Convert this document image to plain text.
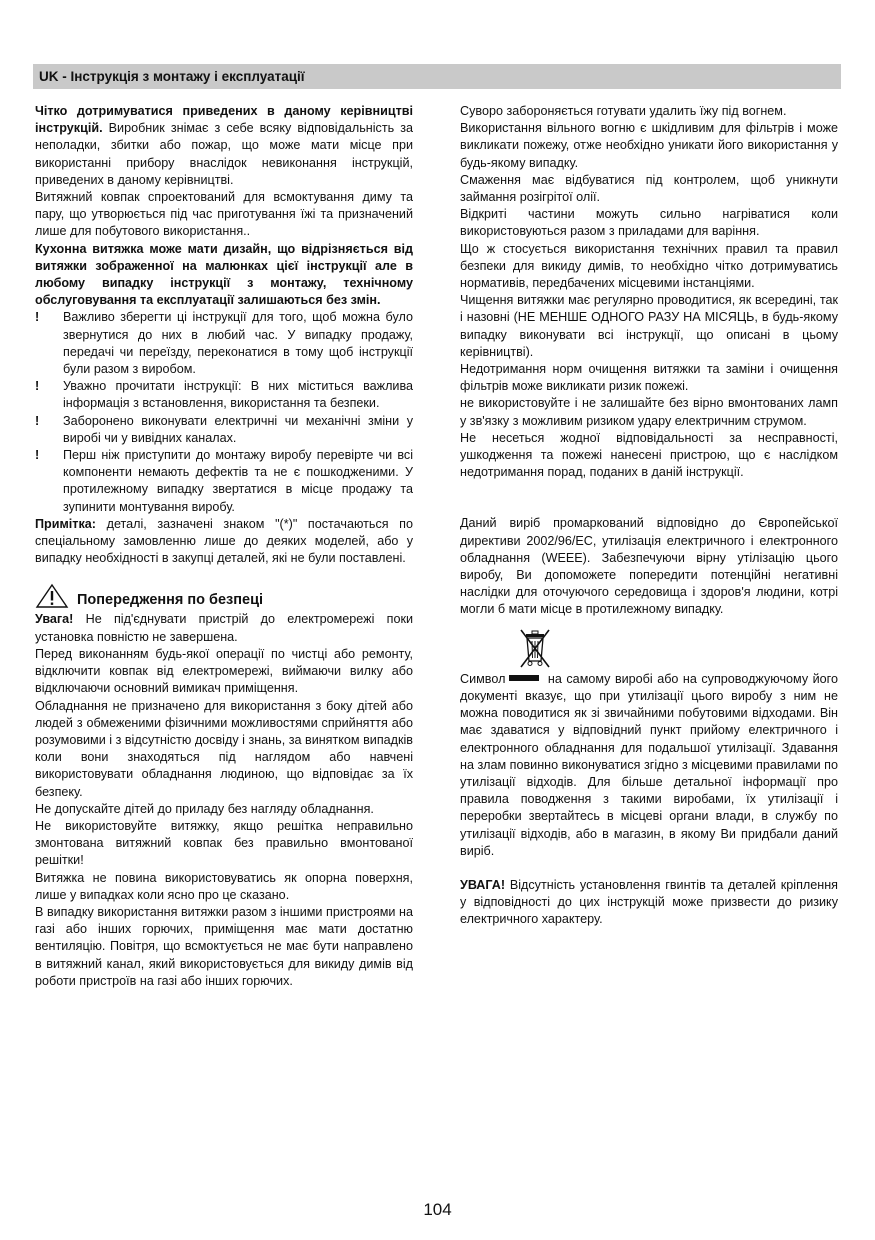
UK - Інструкція з монтажу і експлуатації

Чітко дотримуватися приведених в даному керівництві інструкцій. Виробник знімає з себе всяку відповідальність за неполадки, збитки або пожар, що може мати місце при використанні прибору внаслідок невиконання інструкцій, приведених в даному керівництві.

Витяжний ковпак спроектований для всмоктування диму та пару, що утворюється під час приготування їжі та призначений лише для побутового використання..

Кухонна витяжка може мати дизайн, що відрізняється від витяжки зображенної на малюнках цієї інструкції але в любому випадку інструкції з монтажу, технічному обслуговування та експлуатації залишаються без змін.

!	Важливо зберегти ці інструкції для того, щоб можна було звернутися до них в любий час. У випадку продажу, передачі чи переїзду, переконатися в тому щоб інструкції були разом з виробом.
!	Уважно прочитати інструкції: В них міститься важлива інформація з встановлення, використання та безпеки.
!	Заборонено виконувати електричні чи механічні зміни у виробі чи у вивідних каналах.
!	Перш ніж приступити до монтажу виробу перевірте чи всі компоненти немають дефектів та не є пошкодженими. У протилежному випадку звертатися в місце продажу та зупинити монтування виробу.

Примітка: деталі, зазначені знаком "(*)" постачаються по спеціальному замовленню лише до деяких моделей, або у випадку необхідності в закупці деталей, які не були поставлені.

Попередження по безпеці

Увага! Не під'єднувати пристрій до електромережі поки установка повністю не завершена.

Перед виконанням будь-якої операції по чистці або ремонту, відключити ковпак від електромережі, виймаючи вилку або відключаючи основний вимикач приміщення.

Обладнання не призначено для використання з боку дітей або людей з обмеженими фізичними можливостями сприйняття або розумовими і з відсутністю досвіду і знань, за винятком випадків коли вони знаходяться під наглядом або навчені використовувати обладнання людиною, що відповідає за їх безпеку.

Не допускайте дітей до приладу без нагляду обладнання.

Не використовуйте витяжку, якщо решітка неправильно змонтована витяжний ковпак без правильно вмонтованої решітки!

Витяжка не повина використовуватись як опорна поверхня, лише у випадках коли ясно про це сказано.

В випадку використання витяжки разом з іншими пристроями на газі або інших горючих, приміщення має мати достатню вентиляцію. Повітря, що всмоктується не має бути направлено в витяжний канал, який використовується для викиду димів від роботи пристроїв на газі або інших горючих.

Суворо забороняється готувати удалить їжу під вогнем.

Використання вільного вогню є шкідливим для фільтрів і може викликати пожежу, отже необхідно уникати його використання у будь-якому випадку.

Смаження має відбуватися під контролем, щоб уникнути займання розігрітої олії.

Відкриті частини можуть сильно нагріватися коли використовуються разом з приладами для варіння.

Що ж стосується використання технічних правил та правил безпеки для викиду димів, то необхідно чітко дотримуватись нормативів, передбачених місцевими інстанціями.

Чищення витяжки має регулярно проводитися, як всередині, так і назовні (НЕ МЕНШЕ ОДНОГО РАЗУ НА МІСЯЦЬ, в будь-якому випадку виконувати всі інструкції, що описані в цьому керівництві).

Недотримання норм очищення витяжки та заміни і очищення фільтрів може викликати ризик пожежі.

не використовуйте і не залишайте без вірно вмонтованих ламп у зв'язку з можливим ризиком удару електричним струмом.

Не несеться жодної відповідальності за несправності, ушкодження та пожежі нанесені пристрою, що є наслідком недотримання порад, поданих в даній інструкції.

Даний виріб промаркований відповідно до Європейської директиви 2002/96/EC, утилізація електричного і електронного обладнання (WEEE). Забезпечуючи вірну утілізацію цього виробу, Ви допоможете попередити потенційні негативні наслідки для оточуючого середовища і здоров'я людини, котрі могли б мати місце в протилежному випадку.

Символ	на самому виробі або на супроводжуючому його документі вказує, що при утилізації цього виробу з ним не можна поводитися як зі звичайними побутовими відходами. Він має здаватися у відповідний пункт прийому електричного і електронного обладнання для подальшої утилізації. Здавання на злам повинно виконуватися згідно з місцевими правилами по утилізації відходів. Для більше детальної інформації про правила поводження з такими виробами, їх утилізації і переробки звертайтесь в місцеві органи влади, в службу по утилізації відходів, або в магазин, в якому Ви придбали даний виріб.

УВАГА! Відсутність установлення гвинтів та деталей кріплення у відповідності до цих інструкцій може призвести до ризику електричного характеру.

104
